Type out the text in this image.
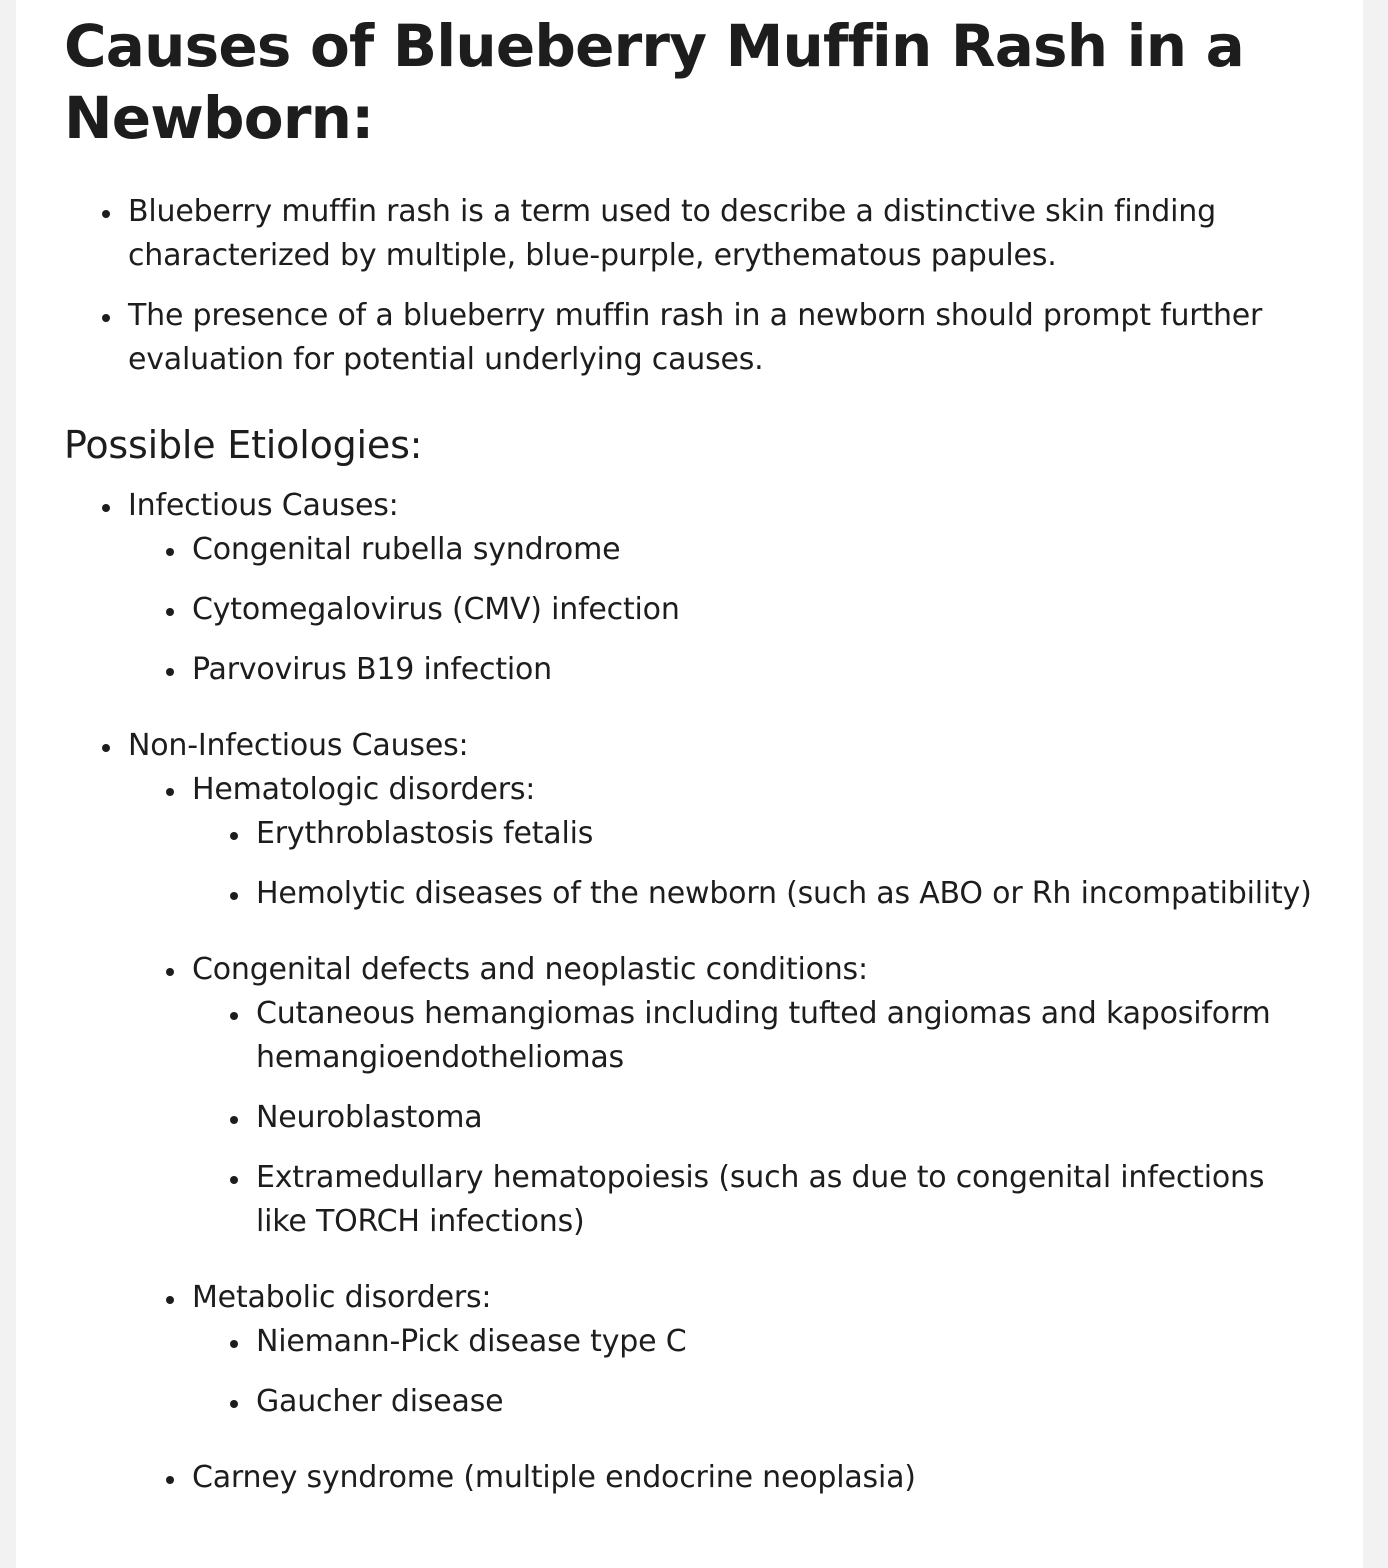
Causes of Blueberry Muffin Rash in a Newborn:
Blueberry muffin rash is a term used to describe a distinctive skin finding characterized by multiple, blue-purple, erythematous papules.
The presence of a blueberry muffin rash in a newborn should prompt further evaluation for potential underlying causes.
Possible Etiologies:
Infectious Causes:
Congenital rubella syndrome
Cytomegalovirus (CMV) infection
Parvovirus B19 infection
Non-Infectious Causes:
Hematologic disorders:
Erythroblastosis fetalis
Hemolytic diseases of the newborn (such as ABO or Rh incompatibility)
Congenital defects and neoplastic conditions:
Cutaneous hemangiomas including tufted angiomas and kaposiform hemangioendotheliomas
Neuroblastoma
Extramedullary hematopoiesis (such as due to congenital infections like TORCH infections)
Metabolic disorders:
Niemann-Pick disease type C
Gaucher disease
Carney syndrome (multiple endocrine neoplasia)
